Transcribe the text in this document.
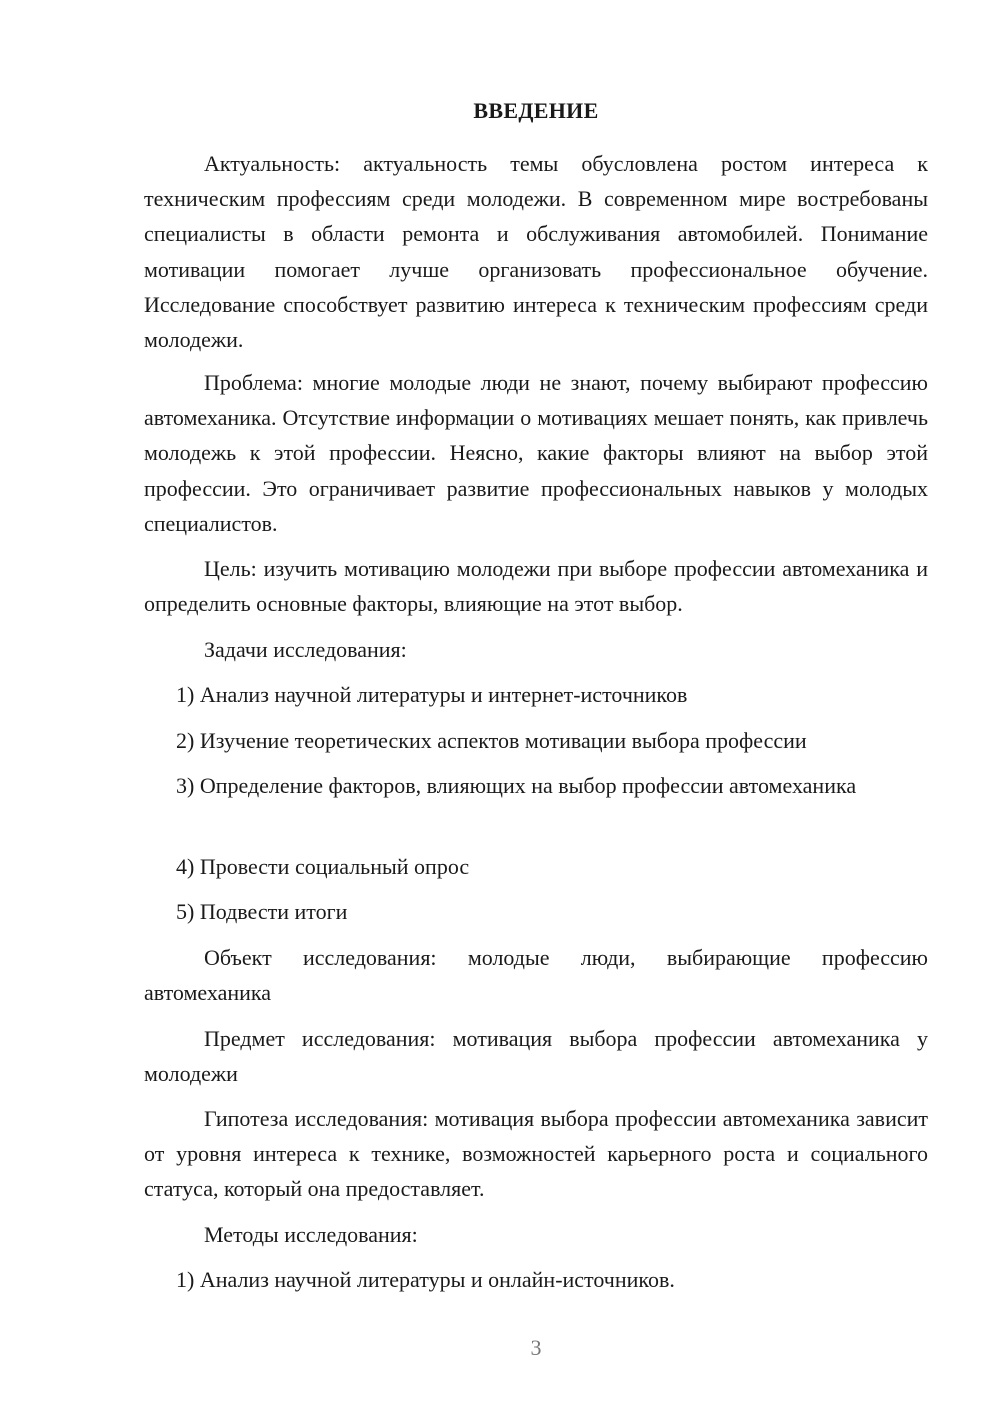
ВВЕДЕНИЕ
Актуальность: актуальность темы обусловлена ростом интереса к техническим профессиям среди молодежи. В современном мире востребованы специалисты в области ремонта и обслуживания автомобилей. Понимание мотивации помогает лучше организовать профессиональное обучение. Исследование способствует развитию интереса к техническим профессиям среди молодежи.
Проблема: многие молодые люди не знают, почему выбирают профессию автомеханика. Отсутствие информации о мотивациях мешает понять, как привлечь молодежь к этой профессии. Неясно, какие факторы влияют на выбор этой профессии. Это ограничивает развитие профессиональных навыков у молодых специалистов.
Цель: изучить мотивацию молодежи при выборе профессии автомеханика и определить основные факторы, влияющие на этот выбор.
Задачи исследования:
1) Анализ научной литературы и интернет-источников
2) Изучение теоретических аспектов мотивации выбора профессии
3) Определение факторов, влияющих на выбор профессии автомеханика
4) Провести социальный опрос
5) Подвести итоги
Объект исследования: молодые люди, выбирающие профессию автомеханика
Предмет исследования: мотивация выбора профессии автомеханика у молодежи
Гипотеза исследования: мотивация выбора профессии автомеханика зависит от уровня интереса к технике, возможностей карьерного роста и социального статуса, который она предоставляет.
Методы исследования:
1) Анализ научной литературы и онлайн-источников.
3
